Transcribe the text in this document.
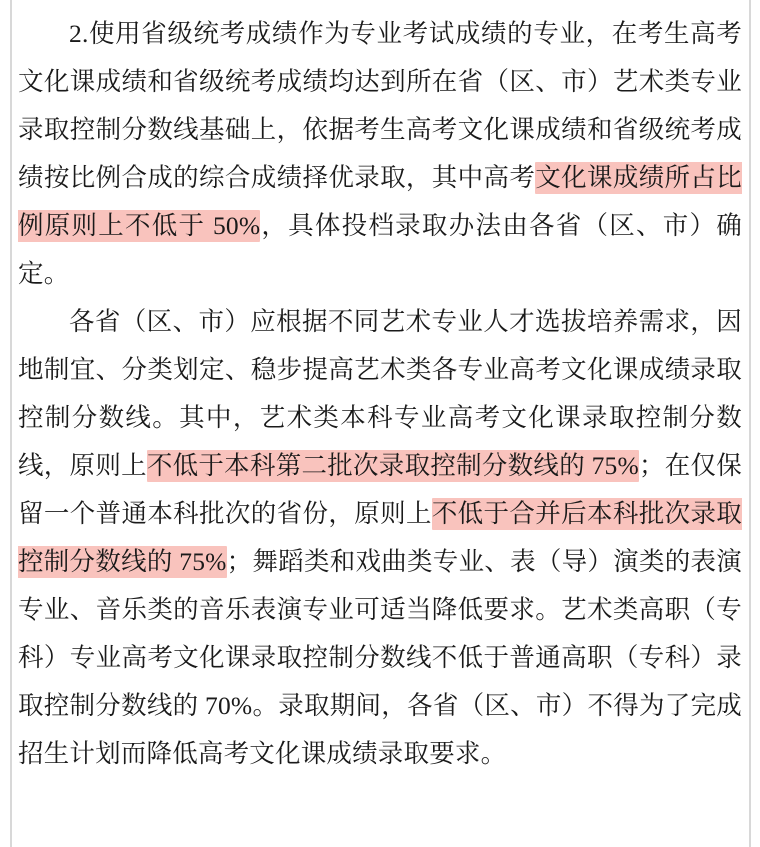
2.使用省级统考成绩作为专业考试成绩的专业，在考生高考文化课成绩和省级统考成绩均达到所在省（区、市）艺术类专业录取控制分数线基础上，依据考生高考文化课成绩和省级统考成绩按比例合成的综合成绩择优录取，其中高考文化课成绩所占比例原则上不低于 50%，具体投档录取办法由各省（区、市）确定。

各省（区、市）应根据不同艺术专业人才选拔培养需求，因地制宜、分类划定、稳步提高艺术类各专业高考文化课成绩录取控制分数线。其中，艺术类本科专业高考文化课录取控制分数线，原则上不低于本科第二批次录取控制分数线的 75%；在仅保留一个普通本科批次的省份，原则上不低于合并后本科批次录取控制分数线的 75%；舞蹈类和戏曲类专业、表（导）演类的表演专业、音乐类的音乐表演专业可适当降低要求。艺术类高职（专科）专业高考文化课录取控制分数线不低于普通高职（专科）录取控制分数线的 70%。录取期间，各省（区、市）不得为了完成招生计划而降低高考文化课成绩录取要求。
